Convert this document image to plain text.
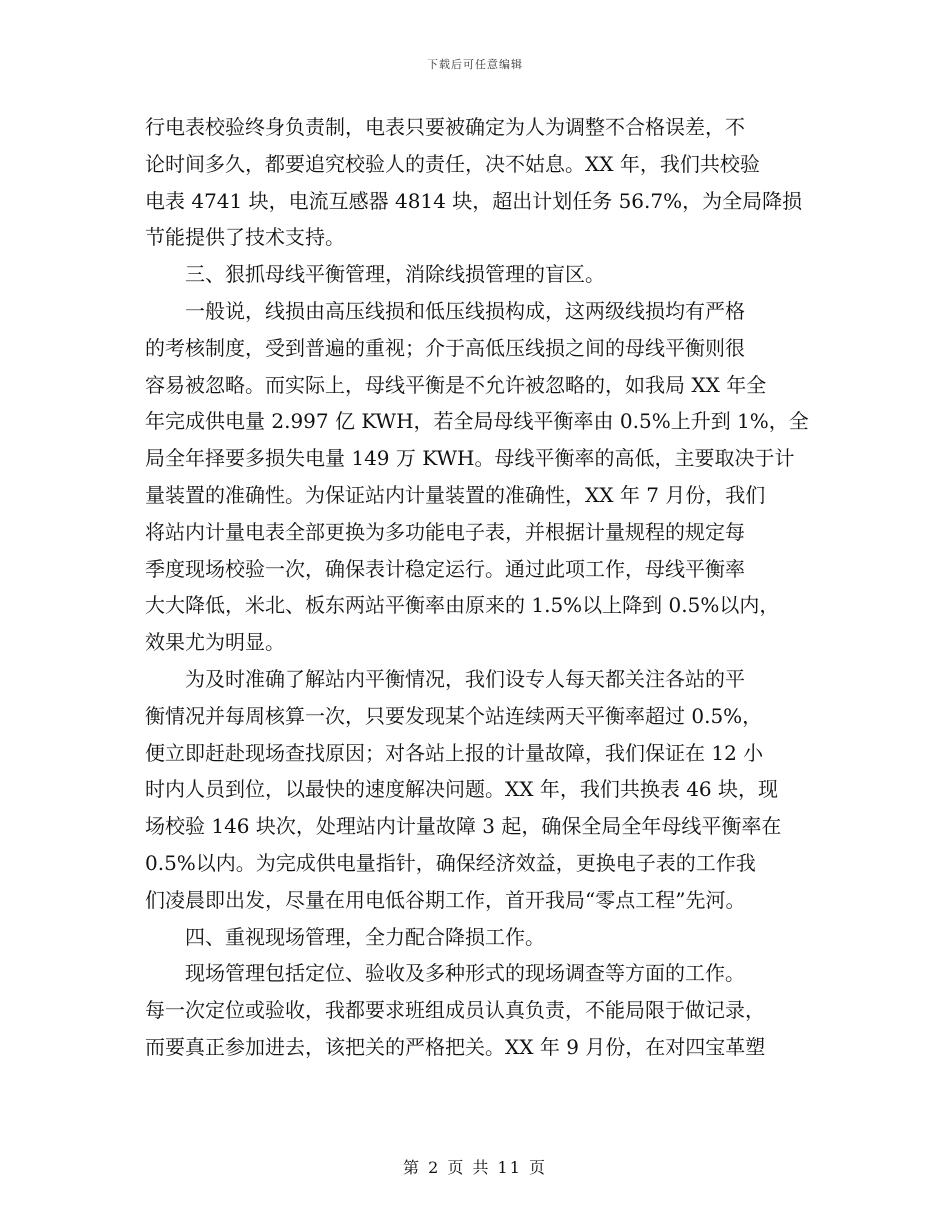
下载后可任意编辑

行电表校验终身负责制，电表只要被确定为人为调整不合格误差，不
论时间多久，都要追究校验人的责任，决不姑息。XX 年，我们共校验
电表 4741 块，电流互感器 4814 块，超出计划任务 56.7%，为全局降损
节能提供了技术支持。

　　三、狠抓母线平衡管理，消除线损管理的盲区。

　　一般说，线损由高压线损和低压线损构成，这两级线损均有严格
的考核制度，受到普遍的重视；介于高低压线损之间的母线平衡则很
容易被忽略。而实际上，母线平衡是不允许被忽略的，如我局 XX 年全
年完成供电量 2.997 亿 KWH，若全局母线平衡率由 0.5%上升到 1%，全
局全年择要多损失电量 149 万 KWH。母线平衡率的高低，主要取决于计
量装置的准确性。为保证站内计量装置的准确性，XX 年 7 月份，我们
将站内计量电表全部更换为多功能电子表，并根据计量规程的规定每
季度现场校验一次，确保表计稳定运行。通过此项工作，母线平衡率
大大降低，米北、板东两站平衡率由原来的 1.5%以上降到 0.5%以内，
效果尤为明显。

　　为及时准确了解站内平衡情况，我们设专人每天都关注各站的平
衡情况并每周核算一次，只要发现某个站连续两天平衡率超过 0.5%，
便立即赶赴现场查找原因；对各站上报的计量故障，我们保证在 12 小
时内人员到位，以最快的速度解决问题。XX 年，我们共换表 46 块，现
场校验 146 块次，处理站内计量故障 3 起，确保全局全年母线平衡率在
0.5%以内。为完成供电量指针，确保经济效益，更换电子表的工作我
们凌晨即出发，尽量在用电低谷期工作，首开我局“零点工程”先河。

　　四、重视现场管理，全力配合降损工作。

　　现场管理包括定位、验收及多种形式的现场调查等方面的工作。
每一次定位或验收，我都要求班组成员认真负责，不能局限于做记录，
而要真正参加进去，该把关的严格把关。XX 年 9 月份，在对四宝革塑

第 2 页 共 11 页
